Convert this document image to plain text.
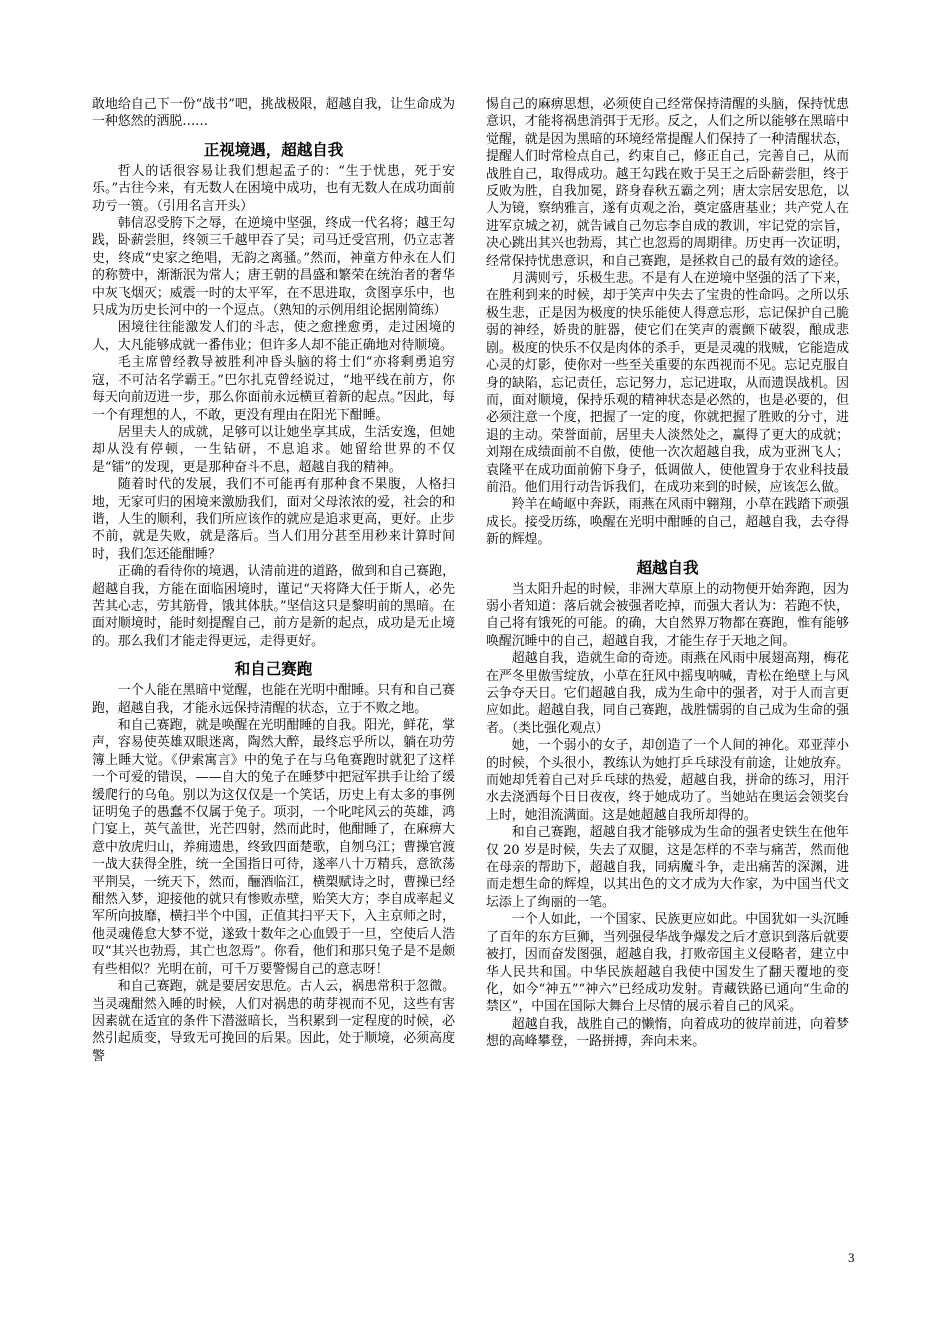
敢地给自己下一份“战书”吧，挑战极限，超越自我，让生命成为一种悠然的洒脱……

正视境遇，超越自我

哲人的话很容易让我们想起孟子的：“生于忧患，死于安乐。”古往今来，有无数人在困境中成功，也有无数人在成功面前功亏一篑。（引用名言开头）

韩信忍受胯下之辱，在逆境中坚强，终成一代名将；越王勾践，卧薪尝胆，终领三千越甲吞了吴；司马迁受宫刑，仍立志著史，终成“史家之绝唱，无韵之离骚。”然而，神童方仲永在人们的称赞中，渐渐泯为常人；唐王朝的昌盛和繁荣在统治者的奢华中灰飞烟灭；威震一时的太平军，在不思进取，贪图享乐中，也只成为历史长河中的一个逗点。（熟知的示例用组论据刚简练）

困境往往能激发人们的斗志，使之愈挫愈勇，走过困境的人，大凡能够成就一番伟业；但许多人却不能正确地对待顺境。

毛主席曾经教导被胜利冲昏头脑的将士们“亦将剩勇追穷寇，不可沽名学霸王。”巴尔扎克曾经说过，“地平线在前方，你每天向前迈进一步，那么你面前永远横亘着新的起点。”因此，每一个有理想的人，不敢，更没有理由在阳光下酣睡。

居里夫人的成就，足够可以让她坐享其成，生活安逸，但她却从没有停顿，一生钻研，不息追求。她留给世界的不仅是“镭”的发现，更是那种奋斗不息，超越自我的精神。

随着时代的发展，我们不可能再有那种食不果腹，人格扫地，无家可归的困境来激励我们，面对父母浓浓的爱，社会的和谐，人生的顺利，我们所应该作的就应是追求更高，更好。止步不前，就是失败，就是落后。当人们用分甚至用秒来计算时间时，我们怎还能酣睡？

正确的看待你的境遇，认清前进的道路，做到和自己赛跑，超越自我，方能在面临困境时，谨记“天将降大任于斯人，必先苦其心志，劳其筋骨，饿其体肤。”坚信这只是黎明前的黑暗。在面对顺境时，能时刻提醒自己，前方是新的起点，成功是无止境的。那么我们才能走得更远，走得更好。

和自己赛跑

一个人能在黑暗中觉醒，也能在光明中酣睡。只有和自己赛跑，超越自我，才能永远保持清醒的状态，立于不败之地。

和自己赛跑，就是唤醒在光明酣睡的自我。阳光，鲜花，掌声，容易使英雄双眼迷离，陶然大醉，最终忘乎所以，躺在功劳簿上睡大觉。《伊索寓言》中的兔子在与乌龟赛跑时就犯了这样一个可爱的错误，——自大的兔子在睡梦中把冠军拱手让给了缓缓爬行的乌龟。别以为这仅仅是一个笑话，历史上有太多的事例证明兔子的愚蠢不仅属于兔子。项羽，一个叱咤风云的英雄，鸿门宴上，英气盖世，光芒四射，然而此时，他酣睡了，在麻痹大意中放虎归山，养痈遗患，终致四面楚歌，自刎乌江；曹操官渡一战大获得全胜，统一全国指日可待，遂率八十万精兵，意欲荡平荆吴，一统天下，然而，酾酒临江，横槊赋诗之时，曹操已经酣然入梦，迎接他的就只有惨败赤壁，贻笑大方；李自成率起义军所向披靡，横扫半个中国，正值其扫平天下，入主京师之时，他灵魂倦怠大梦不觉，遂致十数年之心血毁于一旦，空使后人浩叹“其兴也勃焉，其亡也忽焉”。你看，他们和那只兔子是不是颇有些相似？光明在前，可千万要警惕自己的意志呀！

和自己赛跑，就是要居安思危。古人云，祸患常积于忽微。当灵魂酣然入睡的时候，人们对祸患的萌芽视而不见，这些有害因素就在适宜的条件下潜滋暗长，当积累到一定程度的时候，必然引起质变，导致无可挽回的后果。因此，处于顺境，必须高度警

惕自己的麻痹思想，必须使自己经常保持清醒的头脑，保持忧患意识，才能将祸患消弭于无形。反之，人们之所以能够在黑暗中觉醒，就是因为黑暗的环境经常提醒人们保持了一种清醒状态，提醒人们时常检点自己，约束自己，修正自己，完善自己，从而战胜自己，取得成功。越王勾践在败于吴王之后卧薪尝胆，终于反败为胜，自我加冕，跻身春秋五霸之列；唐太宗居安思危，以人为镜，察纳雅言，遂有贞观之治，奠定盛唐基业；共产党人在进军京城之初，就告诫自己勿忘李自成的教训，牢记党的宗旨，决心跳出其兴也勃焉，其亡也忽焉的周期律。历史再一次证明，经常保持忧患意识，和自己赛跑，是拯救自己的最有效的途径。

月满则亏，乐极生悲。不是有人在逆境中坚强的活了下来，在胜利到来的时候，却于笑声中失去了宝贵的性命吗。之所以乐极生悲，正是因为极度的快乐能使人得意忘形，忘记保护自己脆弱的神经，娇贵的脏器，使它们在笑声的震颤下破裂，酿成悲剧。极度的快乐不仅是肉体的杀手，更是灵魂的戕贼，它能造成心灵的灯影，使你对一些至关重要的东西视而不见。忘记克服自身的缺陷，忘记责任，忘记努力，忘记进取，从而遗误战机。因而，面对顺境，保持乐观的精神状态是必然的，也是必要的，但必须注意一个度，把握了一定的度，你就把握了胜败的分寸，进退的主动。荣誉面前，居里夫人淡然处之，赢得了更大的成就；刘翔在成绩面前不自傲，使他一次次超越自我，成为亚洲飞人；袁隆平在成功面前俯下身子，低调做人，使他置身于农业科技最前沿。他们用行动告诉我们，在成功来到的时候，应该怎么做。

羚羊在崎岖中奔跃，雨燕在风雨中翱翔，小草在践踏下顽强成长。接受历练，唤醒在光明中酣睡的自己，超越自我，去夺得新的辉煌。

超越自我

当太阳升起的时候，非洲大草原上的动物便开始奔跑，因为弱小者知道：落后就会被强者吃掉，而强大者认为：若跑不快，自己将有饿死的可能。的确，大自然界万物都在赛跑，惟有能够唤醒沉睡中的自己，超越自我，才能生存于天地之间。

超越自我，造就生命的奇迹。雨燕在风雨中展翅高翔，梅花在严冬里傲雪绽放，小草在狂风中摇曳呐喊，青松在绝壁上与风云争夺天日。它们超越自我，成为生命中的强者，对于人而言更应如此。超越自我，同自己赛跑，战胜懦弱的自己成为生命的强者。（类比强化观点）

她，一个弱小的女子，却创造了一个人间的神化。邓亚萍小的时候，个头很小，教练认为她打乒乓球没有前途，让她放弃。而她却凭着自己对乒乓球的热爱，超越自我，拼命的练习，用汗水去浇洒每个日日夜夜，终于她成功了。当她站在奥运会领奖台上时，她泪流满面。这是她超越自我所却得的。

和自己赛跑，超越自我才能够成为生命的强者史铁生在他年仅 20 岁是时候，失去了双腿，这是怎样的不幸与痛苦，然而他在母亲的帮助下，超越自我，同病魔斗争，走出痛苦的深渊，进而走想生命的辉煌，以其出色的文才成为大作家，为中国当代文坛添上了绚丽的一笔。

一个人如此，一个国家、民族更应如此。中国犹如一头沉睡了百年的东方巨狮，当列强侵华战争爆发之后才意识到落后就要被打，因而奋发图强，超越自我，打败帝国主义侵略者，建立中华人民共和国。中华民族超越自我使中国发生了翻天覆地的变化，如今“神五”“神六”已经成功发射。青藏铁路已通向“生命的禁区”，中国在国际大舞台上尽情的展示着自己的风采。

超越自我，战胜自己的懒惰，向着成功的彼岸前进，向着梦想的高峰攀登，一路拼搏，奔向未来。

3
